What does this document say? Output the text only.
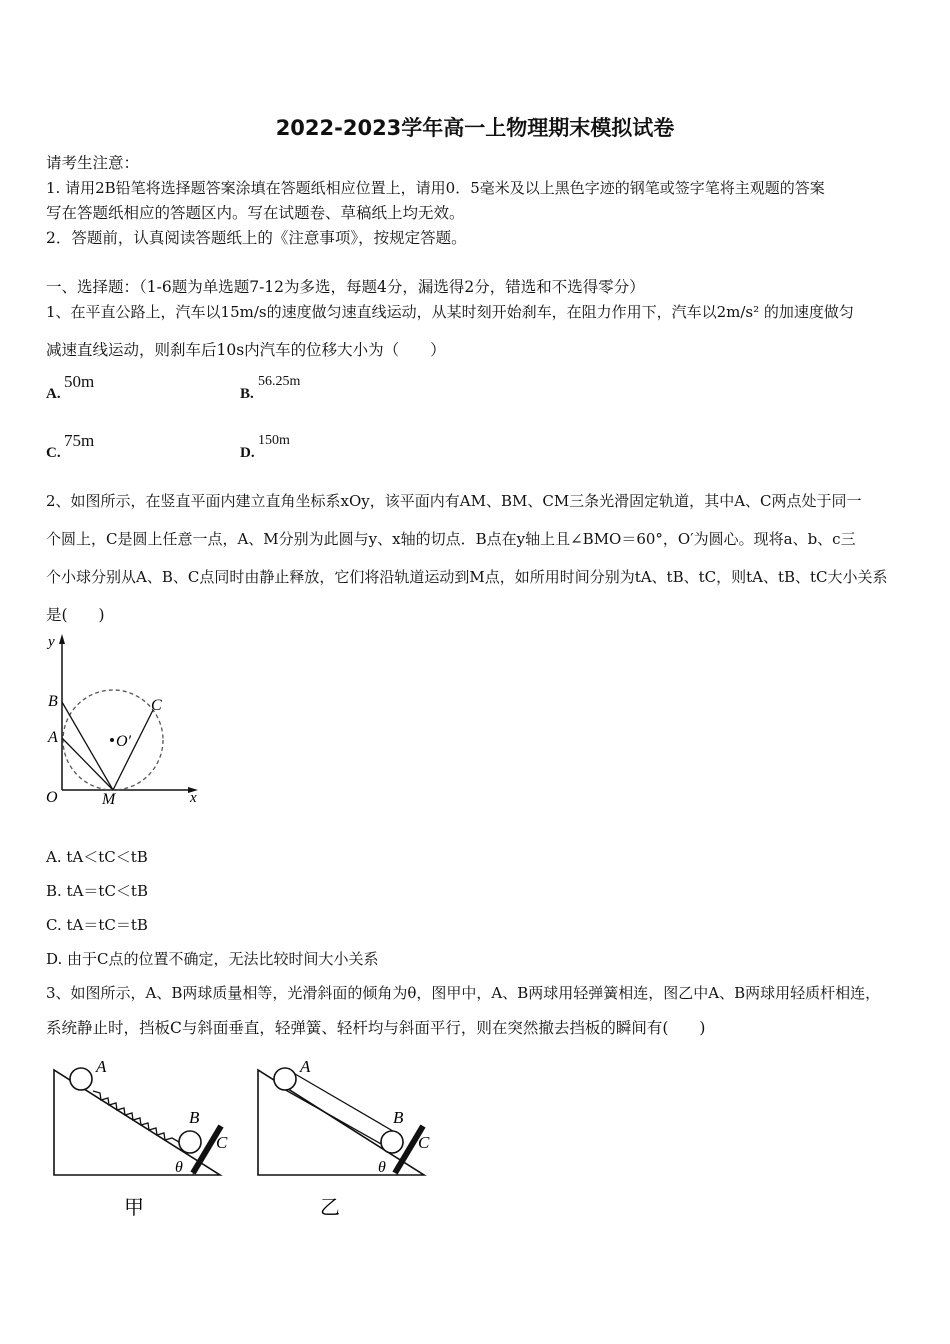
2022-2023学年高一上物理期末模拟试卷
请考生注意：
1. 请用2B铅笔将选择题答案涂填在答题纸相应位置上，请用0．5毫米及以上黑色字迹的钢笔或签字笔将主观题的答案
写在答题纸相应的答题区内。写在试题卷、草稿纸上均无效。
2．答题前，认真阅读答题纸上的《注意事项》，按规定答题。
一、选择题：（1-6题为单选题7-12为多选，每题4分，漏选得2分，错选和不选得零分）
1、在平直公路上，汽车以15m/s的速度做匀速直线运动，从某时刻开始刹车，在阻力作用下，汽车以2m/s² 的加速度做匀
减速直线运动，则刹车后10s内汽车的位移大小为（　　）
A.
50m
B.
56.25m
C.
75m
D.
150m
2、如图所示，在竖直平面内建立直角坐标系xOy，该平面内有AM、BM、CM三条光滑固定轨道，其中A、C两点处于同一
个圆上，C是圆上任意一点，A、M分别为此圆与y、x轴的切点．B点在y轴上且∠BMO＝60°，O′为圆心。现将a、b、c三
个小球分别从A、B、C点同时由静止释放，它们将沿轨道运动到M点，如所用时间分别为tA、tB、tC，则tA、tB、tC大小关系
是(　　)
y
x
O	M
B
A
C
O′
A. tA＜tC＜tB
B. tA＝tC＜tB
C. tA＝tC＝tB
D. 由于C点的位置不确定，无法比较时间大小关系
3、如图所示，A、B两球质量相等，光滑斜面的倾角为θ，图甲中，A、B两球用轻弹簧相连，图乙中A、B两球用轻质杆相连，
系统静止时，挡板C与斜面垂直，轻弹簧、轻杆均与斜面平行，则在突然撤去挡板的瞬间有(　　)
A
B
C
θ
甲
A
B
C
θ
乙
